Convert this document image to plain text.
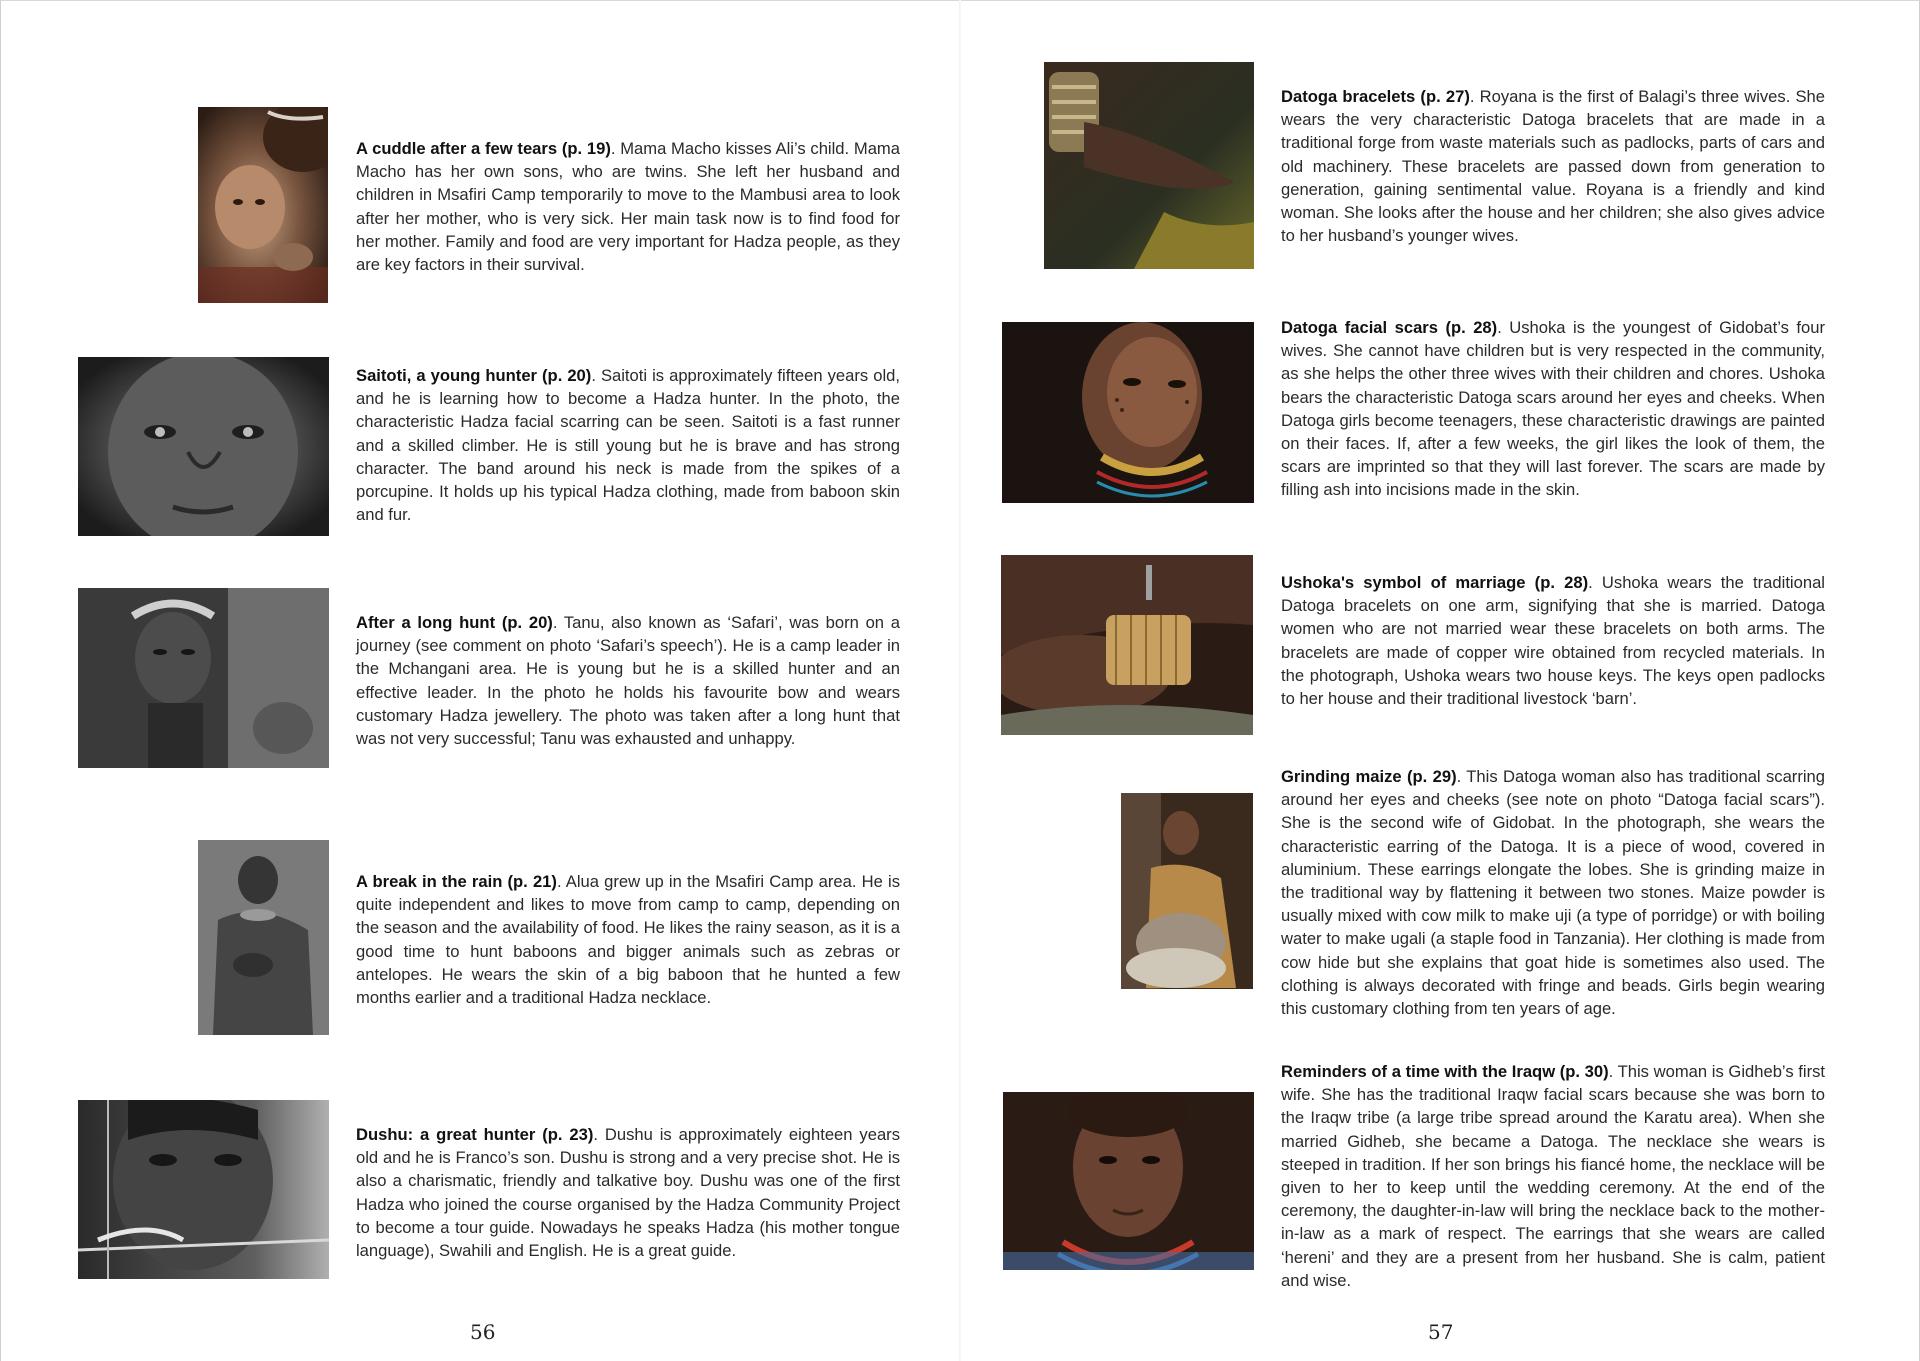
A cuddle after a few tears (p. 19). Mama Macho kisses Ali’s child. Mama Macho has her own sons, who are twins. She left her husband and children in Msafiri Camp temporarily to move to the Mambusi area to look after her mother, who is very sick. Her main task now is to find food for her mother. Family and food are very important for Hadza people, as they are key factors in their survival.

Saitoti, a young hunter (p. 20). Saitoti is approximately fifteen years old, and he is learning how to become a Hadza hunter. In the photo, the characteristic Hadza facial scarring can be seen. Saitoti is a fast runner and a skilled climber. He is still young but he is brave and has strong character. The band around his neck is made from the spikes of a porcupine. It holds up his typical Hadza clothing, made from baboon skin and fur.

After a long hunt (p. 20). Tanu, also known as ‘Safari’, was born on a journey (see comment on photo ‘Safari’s speech’). He is a camp leader in the Mchangani area. He is young but he is a skilled hunter and an effective leader. In the photo he holds his favourite bow and wears customary Hadza jewellery. The photo was taken after a long hunt that was not very successful; Tanu was exhausted and unhappy.

A break in the rain (p. 21). Alua grew up in the Msafiri Camp area. He is quite independent and likes to move from camp to camp, depending on the season and the availability of food. He likes the rainy season, as it is a good time to hunt baboons and bigger animals such as zebras or antelopes. He wears the skin of a big baboon that he hunted a few months earlier and a traditional Hadza necklace.

Dushu: a great hunter (p. 23). Dushu is approximately eighteen years old and he is Franco’s son. Dushu is strong and a very precise shot. He is also a charismatic, friendly and talkative boy. Dushu was one of the first Hadza who joined the course organised by the Hadza Community Project to become a tour guide. Nowadays he speaks Hadza (his mother tongue language), Swahili and English. He is a great guide.

56

Datoga bracelets (p. 27). Royana is the first of Balagi’s three wives. She wears the very characteristic Datoga bracelets that are made in a traditional forge from waste materials such as padlocks, parts of cars and old machinery. These bracelets are passed down from generation to generation, gaining sentimental value. Royana is a friendly and kind woman. She looks after the house and her children; she also gives advice to her husband’s younger wives.

Datoga facial scars (p. 28). Ushoka is the youngest of Gidobat’s four wives. She cannot have children but is very respected in the community, as she helps the other three wives with their children and chores. Ushoka bears the characteristic Datoga scars around her eyes and cheeks. When Datoga girls become teenagers, these characteristic drawings are painted on their faces. If, after a few weeks, the girl likes the look of them, the scars are imprinted so that they will last forever. The scars are made by filling ash into incisions made in the skin.

Ushoka's symbol of marriage (p. 28). Ushoka wears the traditional Datoga bracelets on one arm, signifying that she is married. Datoga women who are not married wear these bracelets on both arms. The bracelets are made of copper wire obtained from recycled materials. In the photograph, Ushoka wears two house keys. The keys open padlocks to her house and their traditional livestock ‘barn’.

Grinding maize (p. 29). This Datoga woman also has traditional scarring around her eyes and cheeks (see note on photo “Datoga facial scars”). She is the second wife of Gidobat. In the photograph, she wears the characteristic earring of the Datoga. It is a piece of wood, covered in aluminium. These earrings elongate the lobes. She is grinding maize in the traditional way by flattening it between two stones. Maize powder is usually mixed with cow milk to make uji (a type of porridge) or with boiling water to make ugali (a staple food in Tanzania). Her clothing is made from cow hide but she explains that goat hide is sometimes also used. The clothing is always decorated with fringe and beads. Girls begin wearing this customary clothing from ten years of age.

Reminders of a time with the Iraqw (p. 30). This woman is Gidheb’s first wife. She has the traditional Iraqw facial scars because she was born to the Iraqw tribe (a large tribe spread around the Karatu area). When she married Gidheb, she became a Datoga. The necklace she wears is steeped in tradition. If her son brings his fiancé home, the necklace will be given to her to keep until the wedding ceremony. At the end of the ceremony, the daughter-in-law will bring the necklace back to the mother-in-law as a mark of respect. The earrings that she wears are called ‘hereni’ and they are a present from her husband. She is calm, patient and wise.

57
